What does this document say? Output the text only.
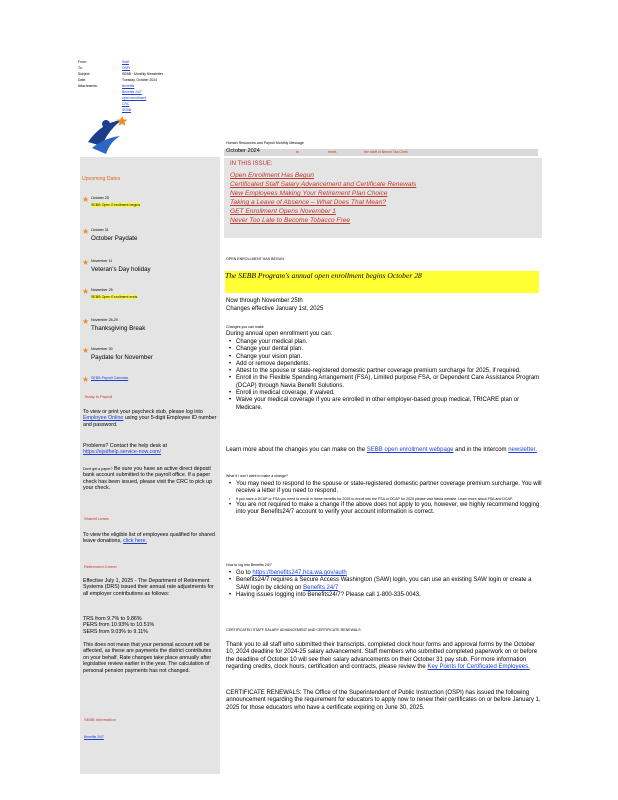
From:	Staff
To:	OSPI
Subject:	SEBB · Monthly Newsletter
Date:	Tuesday, October 2024
Attachments:	Benefits
Benefits 24/7
open enrollment
CRC
SEBB
Upcoming Dates
★ October 25
SEBB Open Enrollment begins
★ October 31
October Paydate
★ November 11
Veteran's Day holiday
★ November 25
SEBB Open Enrollment ends
★ November 28-29
Thanksgiving Break
★ November 30
Paydate for November
★ SEBB Payroll Calendar
Today in Payroll
To view or print your paycheck stub, please log into Employee Online using your 5-digit Employee ID number and password.
Problems? Contact the help desk at
https://ejsdhelp.service-now.com/
Don't get a paper? Be sure you have an active direct deposit bank account submitted to the payroll office. If a paper check has been issued, please visit the CRC to pick up your check.
Shared Leave
To view the eligible list of employees qualified for shared leave donations, click here.
Retirement Corner
Effective July 1, 2025 - The Department of Retirement Systems (DRS) issued their annual rate adjustments for all employer contributions as follows:
TRS from 9.7% to 9.86%
PERS from 10.93% to 10.51%
SERS from 9.03% to 9.11%
This does not mean that your personal account will be affected, as these are payments the district contributes on your behalf. Rate changes take place annually after legislative review earlier in the year. The calculation of personal pension payments has not changed.
SEBB Information
Benefits 24/7
to	news	the staff of Bench Tax Clerk
Human Resources and Payroll Monthly Message
October 2024
IN THIS ISSUE:
Open Enrollment Has Begun
Certificated Staff Salary Advancement and Certificate Renewals
New Employees Making Your Retirement Plan Choice
Taking a Leave of Absence – What Does That Mean?
GET Enrollment Opens November 1
Never Too Late to Become Tobacco Free
OPEN ENROLLMENT HAS BEGUN
The SEBB Program's annual open enrollment begins October 28
Now through November 25th
Changes effective January 1st, 2025
Changes you can make
During annual open enrollment you can:
• Change your medical plan.
• Change your dental plan.
• Change your vision plan.
• Add or remove dependents.
• Attest to the spouse or state-registered domestic partner coverage premium surcharge for 2025, if required.
• Enroll in the Flexible Spending Arrangement (FSA), Limited purpose FSA, or Dependent Care Assistance Program (DCAP) through Navia Benefit Solutions.
• Enroll in medical coverage, if waived.
• Waive your medical coverage if you are enrolled in other employer-based group medical, TRICARE plan or Medicare.
Learn more about the changes you can make on the SEBB open enrollment webpage and in the Intercom newsletter.
What if I don't want to make a change?
• You may need to respond to the spouse or state-registered domestic partner coverage premium surcharge. You will receive a letter if you need to respond.
• If you have a DCAP or FSA you need to enroll in these benefits for 2025 to enroll into the FSA or DCAP for 2025 please visit Navia website. Learn more about FSA and DCAP.
• You are not required to make a change if the above does not apply to you, however, we highly recommend logging into your Benefits24/7 account to verify your account information is correct.
How to log into Benefits 24/7
• Go to https://benefits247.hca.wa.gov/auth
• Benefits24/7 requires a Secure Access Washington (SAW) login, you can use an existing SAW login or create a SAW login by clicking on Benefits 24/7
• Having issues logging into Benefits24/7? Please call 1-800-335-0043.
CERTIFICATED STAFF SALARY ADVANCEMENT AND CERTIFICATE RENEWALS
Thank you to all staff who submitted their transcripts, completed clock hour forms and approval forms by the October 10, 2024 deadline for 2024-25 salary advancement. Staff members who submitted completed paperwork on or before the deadline of October 10 will see their salary advancements on their October 31 pay stub. For more information regarding credits, clock hours, certification and contracts, please review the Key Points for Certificated Employees.
CERTIFICATE RENEWALS: The Office of the Superintendent of Public Instruction (OSPI) has issued the following announcement regarding the requirement for educators to apply now to renew their certificates on or before January 1, 2025 for those educators who have a certificate expiring on June 30, 2025.
